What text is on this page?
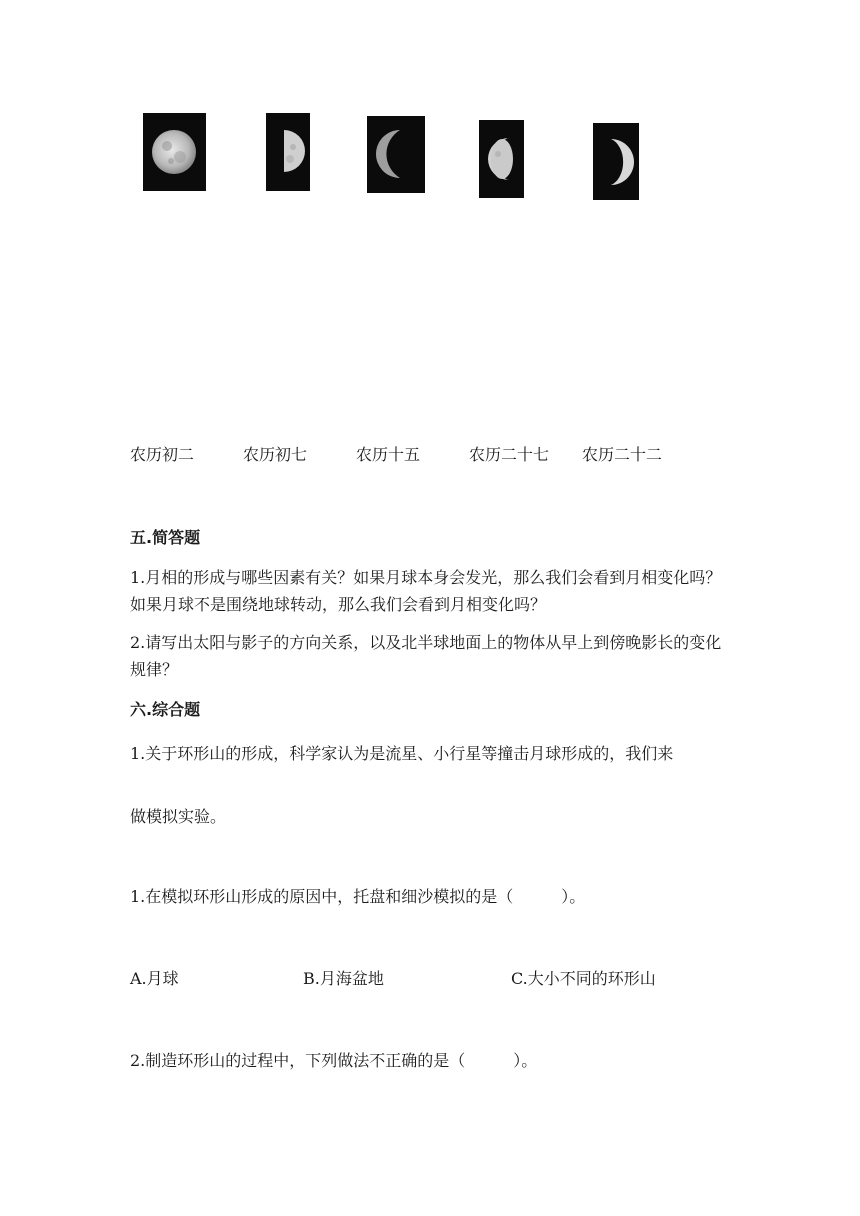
农历初二	农历初七	农历十五	农历二十七 农历二十二
五.简答题
1.月相的形成与哪些因素有关？如果月球本身会发光，那么我们会看到月相变化吗？如果月球不是围绕地球转动，那么我们会看到月相变化吗？
2.请写出太阳与影子的方向关系，以及北半球地面上的物体从早上到傍晚影长的变化规律？
六.综合题
1.关于环形山的形成，科学家认为是流星、小行星等撞击月球形成的，我们来
做模拟实验。
1.在模拟环形山形成的原因中，托盘和细沙模拟的是（　　　）。
A.月球	B.月海盆地	C.大小不同的环形山
2.制造环形山的过程中，下列做法不正确的是（　　　）。
